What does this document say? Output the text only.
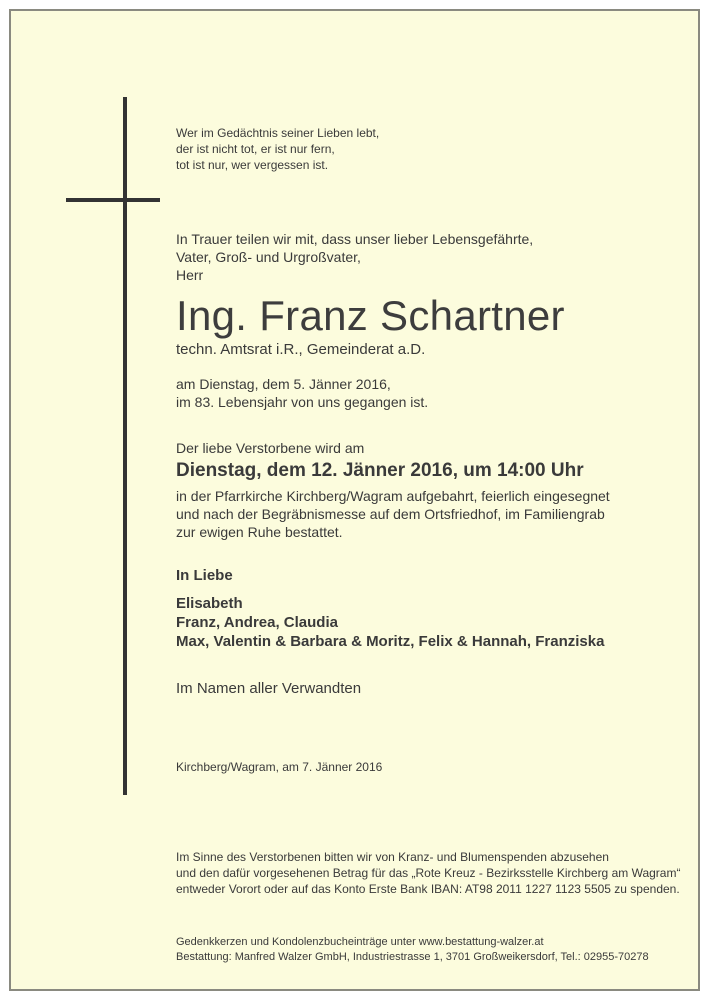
Wer im Gedächtnis seiner Lieben lebt,
der ist nicht tot, er ist nur fern,
tot ist nur, wer vergessen ist.
In Trauer teilen wir mit, dass unser lieber Lebensgefährte,
Vater, Groß- und Urgroßvater,
Herr
Ing. Franz Schartner
techn. Amtsrat i.R., Gemeinderat a.D.
am Dienstag, dem 5. Jänner 2016,
im 83. Lebensjahr von uns gegangen ist.
Der liebe Verstorbene wird am
Dienstag, dem 12. Jänner 2016, um 14:00 Uhr
in der Pfarrkirche Kirchberg/Wagram aufgebahrt, feierlich eingesegnet
und nach der Begräbnismesse auf dem Ortsfriedhof, im Familiengrab
zur ewigen Ruhe bestattet.
In Liebe
Elisabeth
Franz, Andrea, Claudia
Max, Valentin & Barbara & Moritz, Felix & Hannah, Franziska
Im Namen aller Verwandten
Kirchberg/Wagram, am 7. Jänner 2016
Im Sinne des Verstorbenen bitten wir von Kranz- und Blumenspenden abzusehen
und den dafür vorgesehenen Betrag für das „Rote Kreuz - Bezirksstelle Kirchberg am Wagram“
entweder Vorort oder auf das Konto Erste Bank IBAN: AT98 2011 1227 1123 5505 zu spenden.
Gedenkkerzen und Kondolenzbucheinträge unter www.bestattung-walzer.at
Bestattung: Manfred Walzer GmbH, Industriestrasse 1, 3701 Großweikersdorf, Tel.: 02955-70278
